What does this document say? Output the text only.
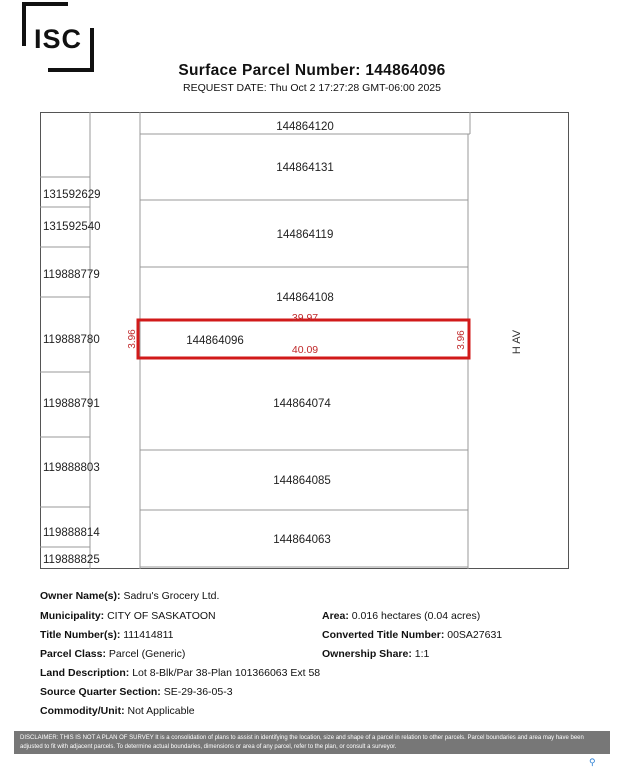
ISC
Surface Parcel Number: 144864096
REQUEST DATE: Thu Oct 2 17:27:28 GMT-06:00 2025
144864120
144864131
144864119
144864108
144864074
144864085
144864063
144864096
39.97
40.09
3.96	3.96
131592629
131592540
119888779
119888780
119888791
119888803
119888814
119888825
H AV
Owner Name(s): Sadru's Grocery Ltd.
Municipality: CITY OF SASKATOON	Area: 0.016 hectares (0.04 acres)
Title Number(s): 111414811	Converted Title Number: 00SA27631
Parcel Class: Parcel (Generic)	Ownership Share: 1:1
Land Description: Lot 8-Blk/Par 38-Plan 101366063 Ext 58
Source Quarter Section: SE-29-36-05-3
Commodity/Unit: Not Applicable
DISCLAIMER: THIS IS NOT A PLAN OF SURVEY It is a consolidation of plans to assist in identifying the location, size and shape of a parcel in relation to other parcels. Parcel boundaries and area may have been adjusted to fit with adjacent parcels. To determine actual boundaries, dimensions or area of any parcel, refer to the plan, or consult a surveyor.
⚲
